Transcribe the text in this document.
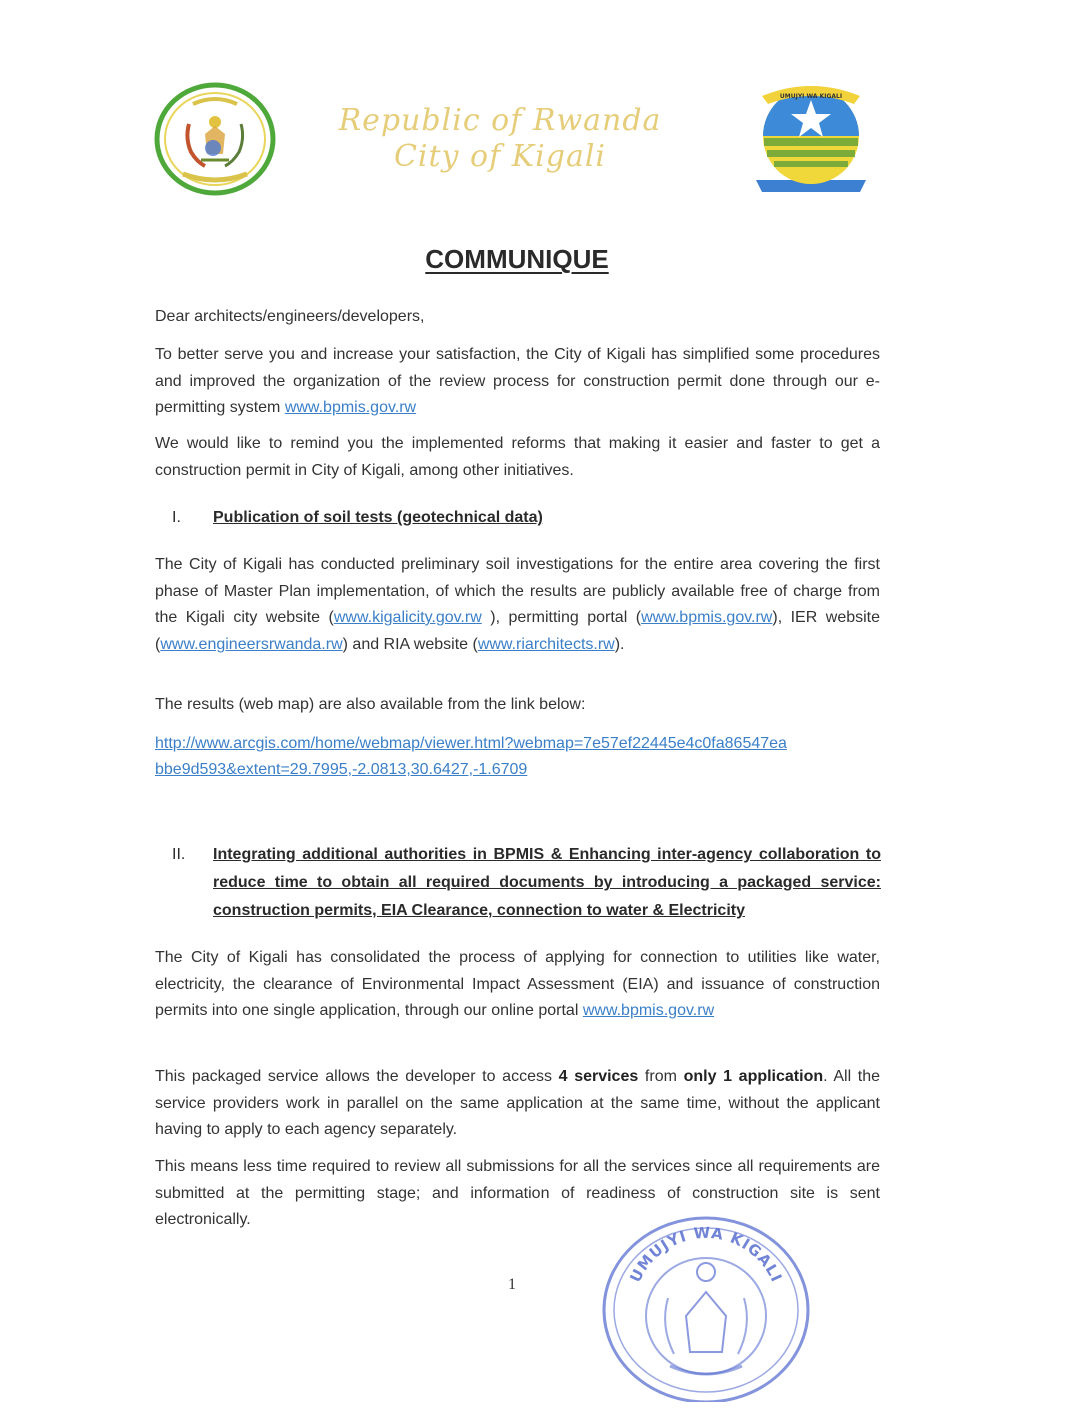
Republic of Rwanda
City of Kigali
UMUJYI WA KIGALI
COMMUNIQUE

Dear architects/engineers/developers,

To better serve you and increase your satisfaction, the City of Kigali has simplified some procedures and improved the organization of the review process for construction permit done through our e-permitting system www.bpmis.gov.rw

We would like to remind you the implemented reforms that making it easier and faster to get a construction permit in City of Kigali, among other initiatives.

I.	Publication of soil tests (geotechnical data)

The City of Kigali has conducted preliminary soil investigations for the entire area covering the first phase of Master Plan implementation, of which the results are publicly available free of charge from the Kigali city website (www.kigalicity.gov.rw ), permitting portal (www.bpmis.gov.rw), IER website (www.engineersrwanda.rw) and RIA website (www.riarchitects.rw).

The results (web map) are also available from the link below:

http://www.arcgis.com/home/webmap/viewer.html?webmap=7e57ef22445e4c0fa86547ea
bbe9d593&extent=29.7995,-2.0813,30.6427,-1.6709
II.	Integrating additional authorities in BPMIS & Enhancing inter-agency collaboration to reduce time to obtain all required documents by introducing a packaged service: construction permits, EIA Clearance, connection to water & Electricity

The City of Kigali has consolidated the process of applying for connection to utilities like water, electricity, the clearance of Environmental Impact Assessment (EIA) and issuance of construction permits into one single application, through our online portal www.bpmis.gov.rw

This packaged service allows the developer to access 4 services from only 1 application. All the service providers work in parallel on the same application at the same time, without the applicant having to apply to each agency separately.

This means less time required to review all submissions for all the services since all requirements are submitted at the permitting stage; and information of readiness of construction site is sent electronically.

1	UMUJYI WA KIGALI
